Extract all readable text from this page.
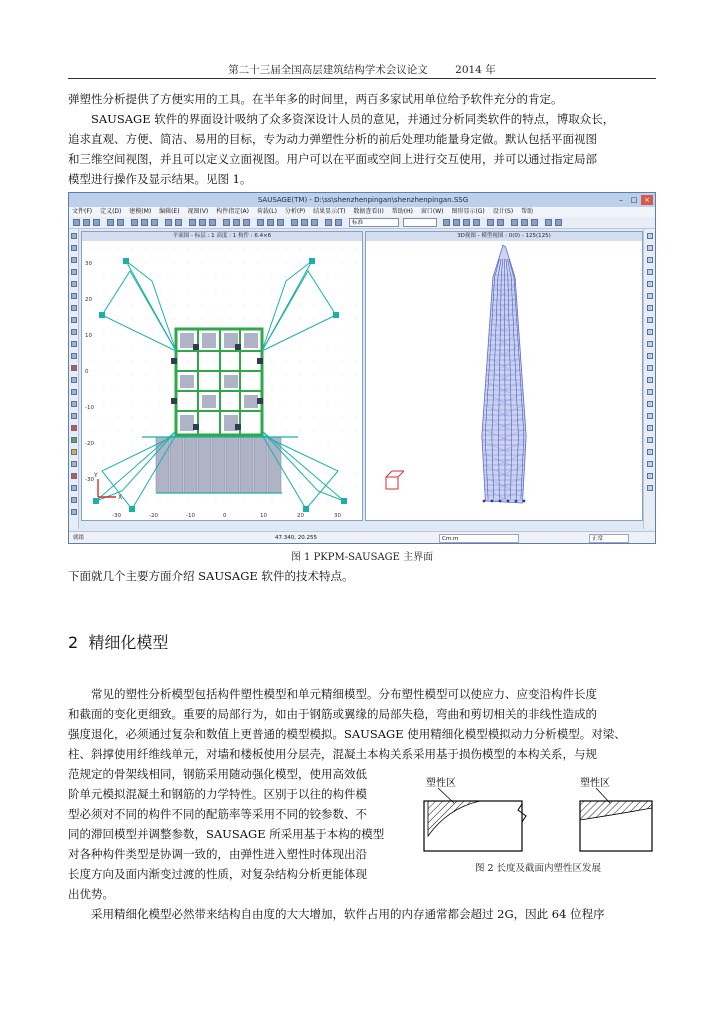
第二十三届全国高层建筑结构学术会议论文	2014 年
弹塑性分析提供了方便实用的工具。在半年多的时间里，两百多家试用单位给予软件充分的肯定。
SAUSAGE 软件的界面设计吸纳了众多资深设计人员的意见，并通过分析同类软件的特点，博取众长，
追求直观、方便、简洁、易用的目标，专为动力弹塑性分析的前后处理功能量身定做。默认包括平面视图
和三维空间视图，并且可以定义立面视图。用户可以在平面或空间上进行交互使用，并可以通过指定局部
模型进行操作及显示结果。见图 1。
SAUSAGE(TM) - D:\ss\shenzhenpingan\shenzhenpingan.SSG	– □ ×
文件(F) 定义(D) 建模(M) 编辑(E) 视图(V) 构件指定(A) 荷载(L) 分析(P) 结果显示(T) 数据查看(I) 帮助(H) 窗口(W) 图形显示(G) 设计(S) 帮助
标准
平面图 - 标层 : 1 高度 : 1 构件 : 6.4×6
Y
X
-30	-20	-10	0	10	20	30
30
20
10
0
-10
-20
-30
3D视图 - 模型视图 : 0(0) - 125(125)
就绪	47.340, 20.255	Cm.m	正常
图 1 PKPM-SAUSAGE 主界面
下面就几个主要方面介绍 SAUSAGE 软件的技术特点。
2 精细化模型
常见的塑性分析模型包括构件塑性模型和单元精细模型。分布塑性模型可以使应力、应变沿构件长度
和截面的变化更细致。重要的局部行为，如由于钢筋或翼缘的局部失稳，弯曲和剪切相关的非线性造成的
强度退化，必须通过复杂和数值上更普通的模型模拟。SAUSAGE 使用精细化模型模拟动力分析模型。对梁、
柱、斜撑使用纤维线单元，对墙和楼板使用分层壳，混凝土本构关系采用基于损伤模型的本构关系，与规
范规定的骨架线相同，钢筋采用随动强化模型，使用高效低
阶单元模拟混凝土和钢筋的力学特性。区别于以往的构件模
型必须对不同的构件不同的配筋率等采用不同的铰参数、不
同的滞回模型并调整参数，SAUSAGE 所采用基于本构的模型
对各种构件类型是协调一致的，由弹性进入塑性时体现出沿
长度方向及面内渐变过渡的性质，对复杂结构分析更能体现
出优势。
塑性区	塑性区
图 2 长度及截面内塑性区发展
采用精细化模型必然带来结构自由度的大大增加，软件占用的内存通常都会超过 2G，因此 64 位程序
